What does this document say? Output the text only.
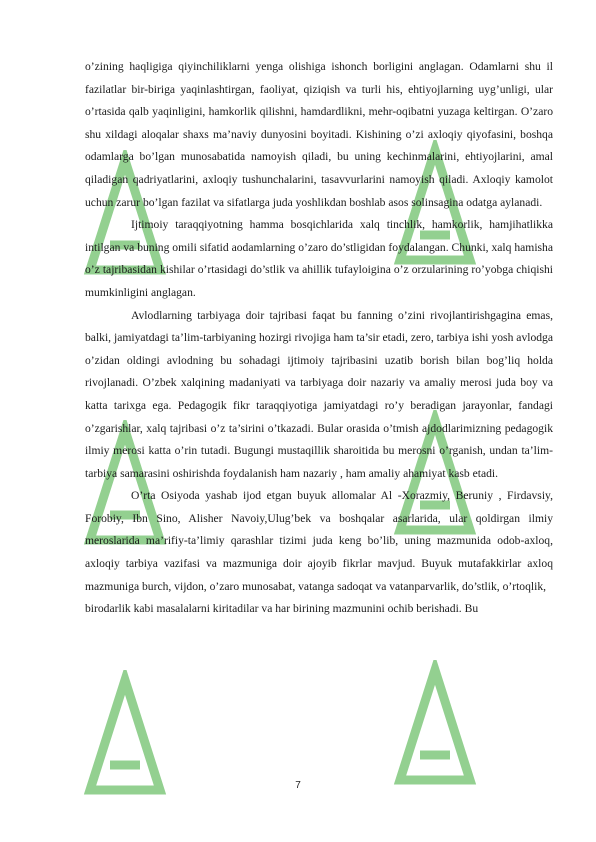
o’zining haqligiga qiyinchiliklarni yenga olishiga ishonch borligini anglagan. Odamlarni shu il fazilatlar bir-biriga yaqinlashtirgan, faoliyat, qiziqish va turli his, ehtiyojlarning uyg’unligi, ular o’rtasida qalb yaqinligini, hamkorlik qilishni, hamdardlikni, mehr-oqibatni yuzaga keltirgan. O’zaro shu xildagi aloqalar shaxs ma’naviy dunyosini boyitadi. Kishining o’zi axloqiy qiyofasini, boshqa odamlarga bo’lgan munosabatida namoyish qiladi, bu uning kechinmalarini, ehtiyojlarini, amal qiladigan qadriyatlarini, axloqiy tushunchalarini, tasavvurlarini namoyish qiladi. Axloqiy kamolot uchun zarur bo’lgan fazilat va sifatlarga juda yoshlikdan boshlab asos solinsagina odatga aylanadi.

Ijtimoiy taraqqiyotning hamma bosqichlarida xalq tinchlik, hamkorlik, hamjihatlikka intilgan va buning omili sifatid aodamlarning o’zaro do’stligidan foydalangan. Chunki, xalq hamisha o’z tajribasidan kishilar o’rtasidagi do’stlik va ahillik tufayloigina o’z orzularining ro’yobga chiqishi mumkinligini anglagan.

Avlodlarning tarbiyaga doir tajribasi faqat bu fanning o’zini rivojlantirishgagina emas, balki, jamiyatdagi ta’lim-tarbiyaning hozirgi rivojiga ham ta’sir etadi, zero, tarbiya ishi yosh avlodga o’zidan oldingi avlodning bu sohadagi ijtimoiy tajribasini uzatib borish bilan bog’liq holda rivojlanadi. O’zbek xalqining madaniyati va tarbiyaga doir nazariy va amaliy merosi juda boy va katta tarixga ega. Pedagogik fikr taraqqiyotiga jamiyatdagi ro’y beradigan jarayonlar, fandagi o’zgarishlar, xalq tajribasi o’z ta’sirini o’tkazadi. Bular orasida o’tmish ajdodlarimizning pedagogik ilmiy merosi katta o’rin tutadi. Bugungi mustaqillik sharoitida bu merosni o’rganish, undan ta’lim- tarbiya samarasini oshirishda foydalanish ham nazariy , ham amaliy ahamiyat kasb etadi.

O’rta Osiyoda yashab ijod etgan buyuk allomalar Al -Xorazmiy, Beruniy , Firdavsiy, Forobiy, Ibn Sino, Alisher Navoiy,Ulug’bek va boshqalar asarlarida, ular qoldirgan ilmiy meroslarida ma’rifiy-ta’limiy qarashlar tizimi juda keng bo’lib, uning mazmunida odob-axloq, axloqiy tarbiya vazifasi va mazmuniga doir ajoyib fikrlar mavjud. Buyuk mutafakkirlar axloq mazmuniga burch, vijdon, o’zaro munosabat, vatanga sadoqat va vatanparvarlik, do’stlik, o’rtoqlik,

birodarlik kabi masalalarni kiritadilar va har birining mazmunini ochib berishadi. Bu

7
